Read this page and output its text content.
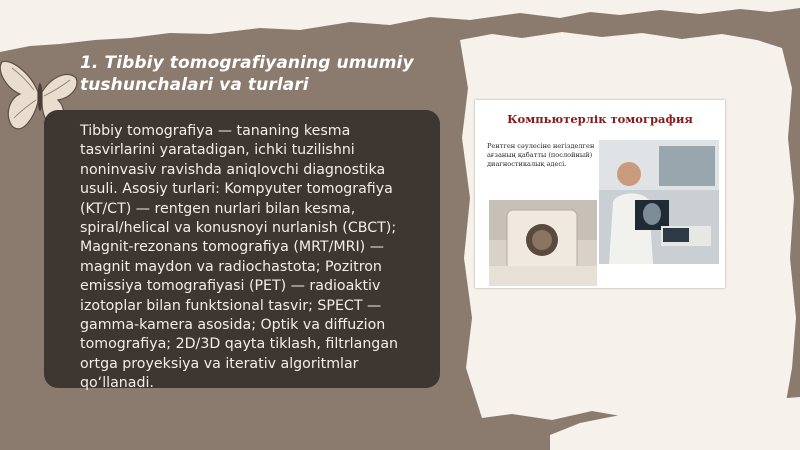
1. Tibbiy tomografiyaning umumiy tushunchalari va turlari

Tibbiy tomografiya — tananing kesma tasvirlarini yaratadigan, ichki tuzilishni noninvasiv ravishda aniqlovchi diagnostika usuli. Asosiy turlari: Kompyuter tomografiya (KT/CT) — rentgen nurlari bilan kesma, spiral/helical va konusnoyi nurlanish (CBCT); Magnit-rezonans tomografiya (MRT/MRI) — magnit maydon va radiochastota; Pozitron emissiya tomografiyasi (PET) — radioaktiv izotoplar bilan funktsional tasvir; SPECT — gamma-kamera asosida; Optik va diffuzion tomografiya; 2D/3D qayta tiklash, filtrlangan ortga proyeksiya va iterativ algoritmlar qo‘llanadi.

Компьютерлік томография
Рентген сәулесіне негізделген ағзаның қабатты (послойный) диагностикалық әдесі.
